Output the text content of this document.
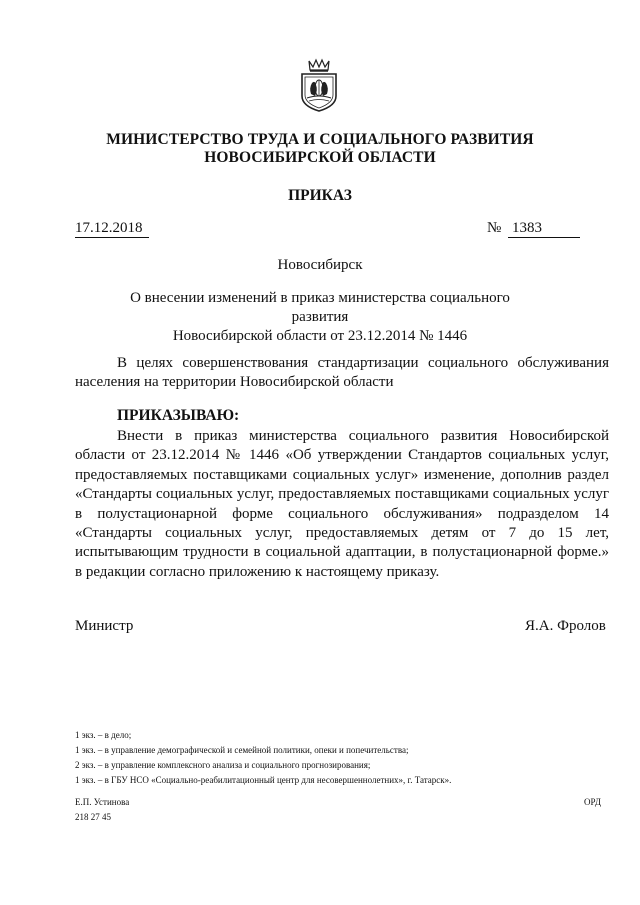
МИНИСТЕРСТВО ТРУДА И СОЦИАЛЬНОГО РАЗВИТИЯ
НОВОСИБИРСКОЙ ОБЛАСТИ
ПРИКАЗ
17.12.2018	№ 1383
Новосибирск
О внесении изменений в приказ министерства социального развития
Новосибирской области от 23.12.2014 № 1446

В целях совершенствования стандартизации социального обслуживания населения на территории Новосибирской области

ПРИКАЗЫВАЮ:

Внести в приказ министерства социального развития Новосибирской области от 23.12.2014 № 1446 «Об утверждении Стандартов социальных услуг, предоставляемых поставщиками социальных услуг» изменение, дополнив раздел «Стандарты социальных услуг, предоставляемых поставщиками социальных услуг в полустационарной форме социального обслуживания» подразделом 14 «Стандарты социальных услуг, предоставляемых детям от 7 до 15 лет, испытывающим трудности в социальной адаптации, в полустационарной форме.» в редакции согласно приложению к настоящему приказу.

Министр	Я.А. Фролов
1 экз. – в дело;
1 экз. – в управление демографической и семейной политики, опеки и попечительства;
2 экз. – в управление комплексного анализа и социального прогнозирования;
1 экз. – в ГБУ НСО «Социально-реабилитационный центр для несовершеннолетних», г. Татарск».
Е.П. Устинова
218 27 45
ОРД
